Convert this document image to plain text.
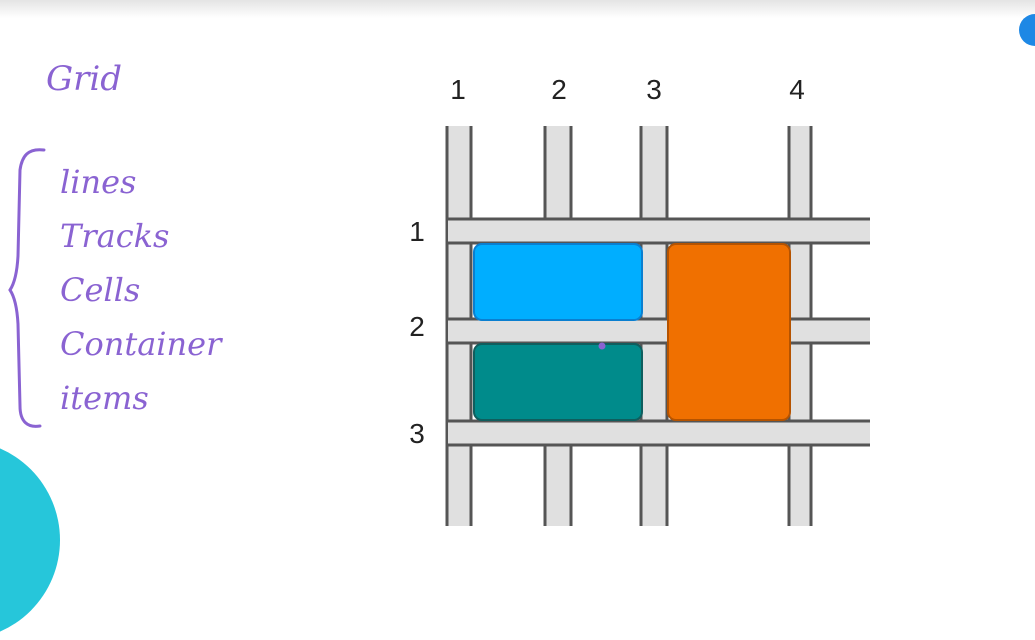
Grid
lines
Tracks
Cells
Container
items
1	2	3	4
1
2
3
